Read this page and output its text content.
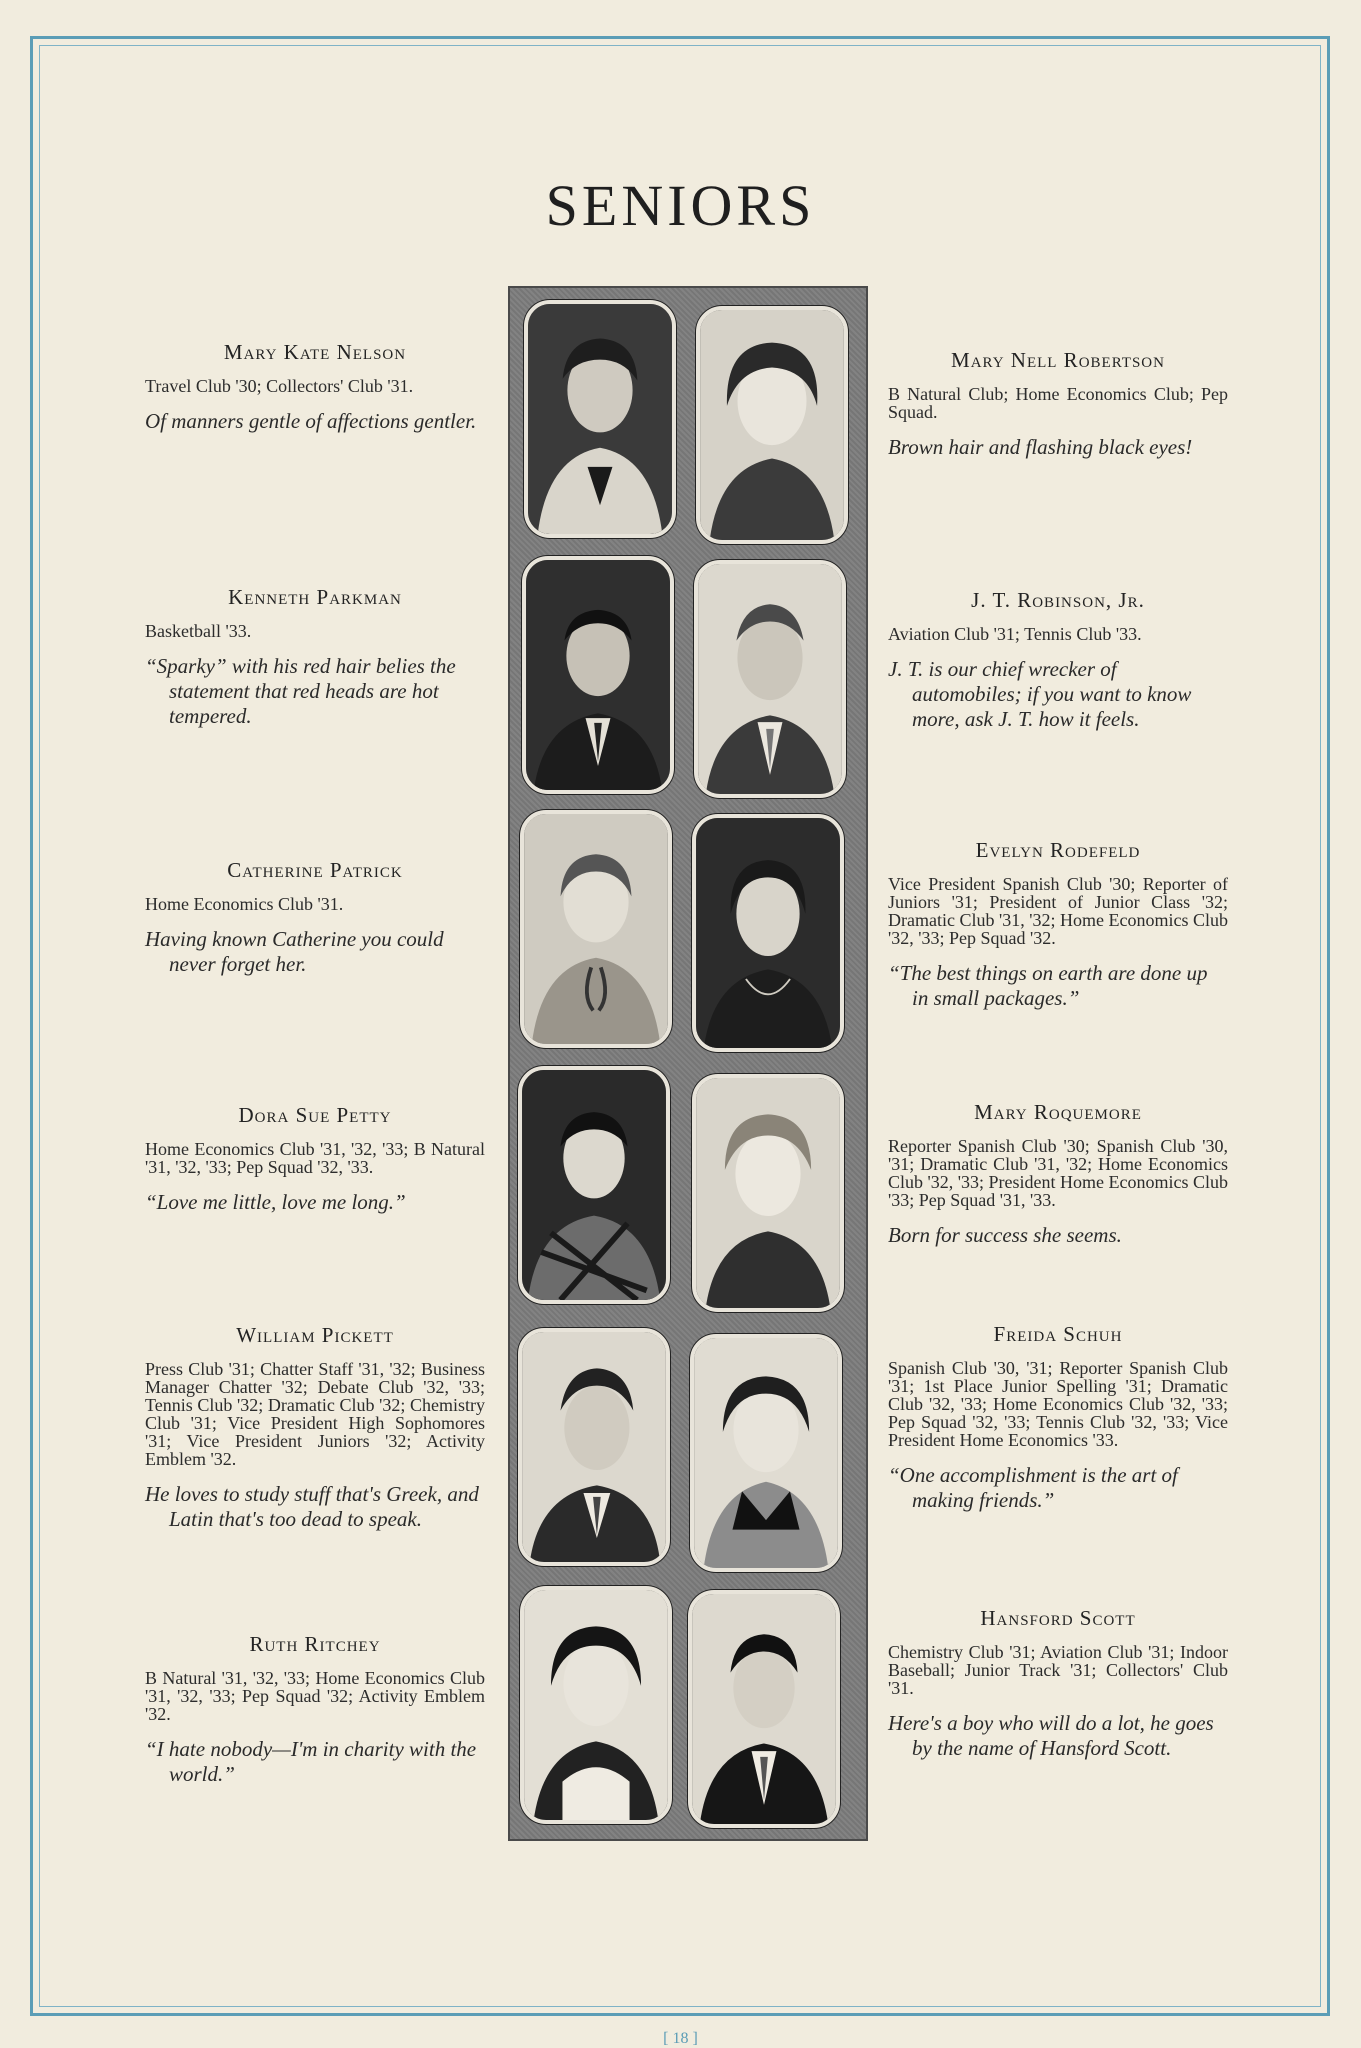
SENIORS
Mary Kate Nelson
Travel Club '30; Collectors' Club '31.
Of manners gentle of affections gentler.
Kenneth Parkman
Basketball '33.
“Sparky” with his red hair belies the statement that red heads are hot tempered.
Catherine Patrick
Home Economics Club '31.
Having known Catherine you could never forget her.
Dora Sue Petty
Home Economics Club '31, '32, '33; B Natural '31, '32, '33; Pep Squad '32, '33.
“Love me little, love me long.”
William Pickett
Press Club '31; Chatter Staff '31, '32; Business Manager Chatter '32; Debate Club '32, '33; Tennis Club '32; Dramatic Club '32; Chemistry Club '31; Vice President High Sophomores '31; Vice President Juniors '32; Activity Emblem '32.
He loves to study stuff that's Greek, and Latin that's too dead to speak.
Ruth Ritchey
B Natural '31, '32, '33; Home Economics Club '31, '32, '33; Pep Squad '32; Activity Emblem '32.
“I hate nobody—I'm in charity with the world.”
Mary Nell Robertson
B Natural Club; Home Economics Club; Pep Squad.
Brown hair and flashing black eyes!
J. T. Robinson, Jr.
Aviation Club '31; Tennis Club '33.
J. T. is our chief wrecker of automobiles; if you want to know more, ask J. T. how it feels.
Evelyn Rodefeld
Vice President Spanish Club '30; Reporter of Juniors '31; President of Junior Class '32; Dramatic Club '31, '32; Home Economics Club '32, '33; Pep Squad '32.
“The best things on earth are done up in small packages.”
Mary Roquemore
Reporter Spanish Club '30; Spanish Club '30, '31; Dramatic Club '31, '32; Home Economics Club '32, '33; President Home Economics Club '33; Pep Squad '31, '33.
Born for success she seems.
Freida Schuh
Spanish Club '30, '31; Reporter Spanish Club '31; 1st Place Junior Spelling '31; Dramatic Club '32, '33; Home Economics Club '32, '33; Pep Squad '32, '33; Tennis Club '32, '33; Vice President Home Economics '33.
“One accomplishment is the art of making friends.”
Hansford Scott
Chemistry Club '31; Aviation Club '31; Indoor Baseball; Junior Track '31; Collectors' Club '31.
Here's a boy who will do a lot, he goes by the name of Hansford Scott.
[ 18 ]
